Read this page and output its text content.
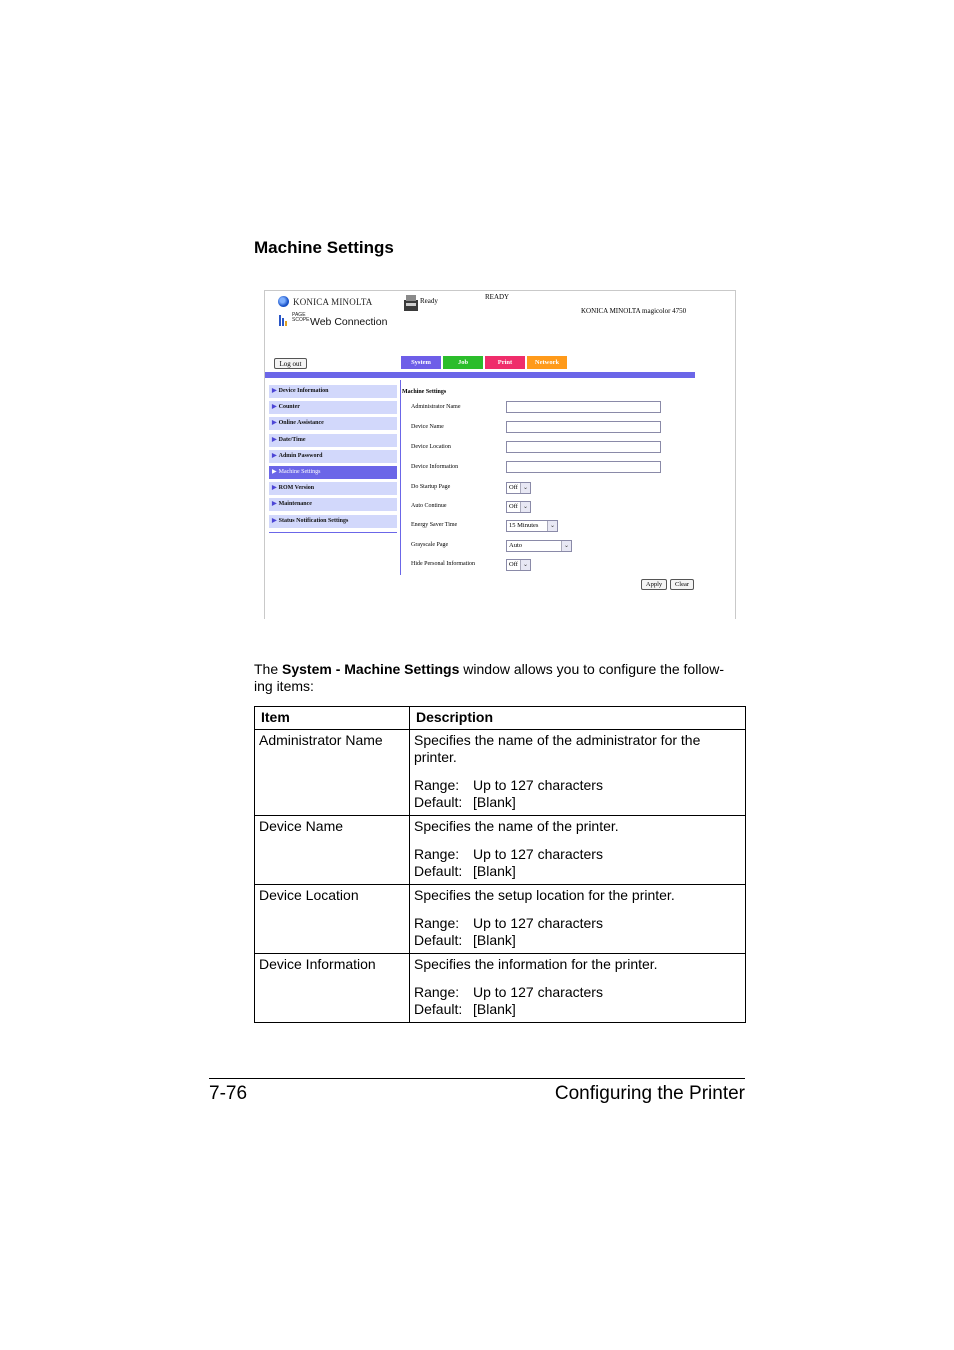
Machine Settings
KONICA MINOLTA
PAGE
SCOPE Web Connection
Ready	READY
KONICA MINOLTA magicolor 4750
Log out	System	Job	Print	Network
▶ Device Information
▶ Counter
▶ Online Assistance
▶ Date/Time
▶ Admin Password
▶ Machine Settings
▶ ROM Version
▶ Maintenance
▶ Status Notification Settings
Machine Settings
Administrator Name
Device Name
Device Location
Device Information
Do Startup Page	Off ⌄
Auto Continue	Off ⌄
Energy Saver Time	15 Minutes	⌄
Grayscale Page	Auto	⌄
Hide Personal Information	Off ⌄
Apply	Clear
The System - Machine Settings window allows you to configure the follow-
ing items:
Item	Description
Administrator Name	Specifies the name of the administrator for the printer.

Range: Up to 127 characters

Default: [Blank]

Device Name	Specifies the name of the printer.

Range: Up to 127 characters

Default: [Blank]

Device Location	Specifies the setup location for the printer.

Range: Up to 127 characters

Default: [Blank]

Device Information	Specifies the information for the printer.

Range: Up to 127 characters

Default: [Blank]

7-76	Configuring the Printer
